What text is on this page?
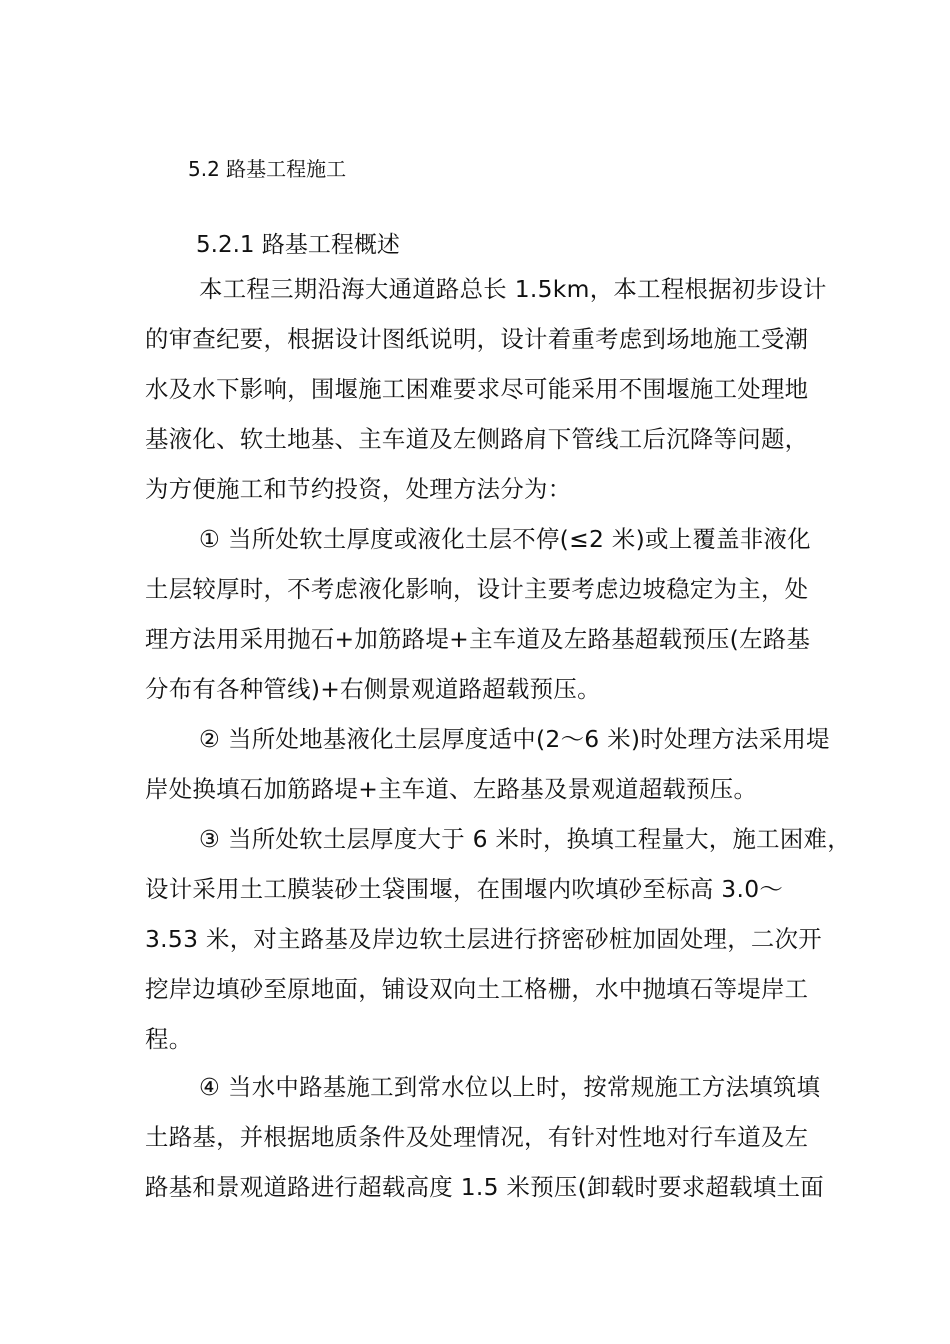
5.2 路基工程施工
5.2.1 路基工程概述
本工程三期沿海大通道路总长 1.5km，本工程根据初步设计
的审查纪要，根据设计图纸说明，设计着重考虑到场地施工受潮
水及水下影响，围堰施工困难要求尽可能采用不围堰施工处理地
基液化、软土地基、主车道及左侧路肩下管线工后沉降等问题，
为方便施工和节约投资，处理方法分为：
① 当所处软土厚度或液化土层不停(≤2 米)或上覆盖非液化
土层较厚时，不考虑液化影响，设计主要考虑边坡稳定为主，处
理方法用采用抛石+加筋路堤+主车道及左路基超载预压(左路基
分布有各种管线)+右侧景观道路超载预压。
② 当所处地基液化土层厚度适中(2～6 米)时处理方法采用堤
岸处换填石加筋路堤+主车道、左路基及景观道超载预压。
③ 当所处软土层厚度大于 6 米时，换填工程量大，施工困难，
设计采用土工膜装砂土袋围堰，在围堰内吹填砂至标高 3.0～
3.53 米，对主路基及岸边软土层进行挤密砂桩加固处理，二次开
挖岸边填砂至原地面，铺设双向土工格栅，水中抛填石等堤岸工
程。
④ 当水中路基施工到常水位以上时，按常规施工方法填筑填
土路基，并根据地质条件及处理情况，有针对性地对行车道及左
路基和景观道路进行超载高度 1.5 米预压(卸载时要求超载填土面
